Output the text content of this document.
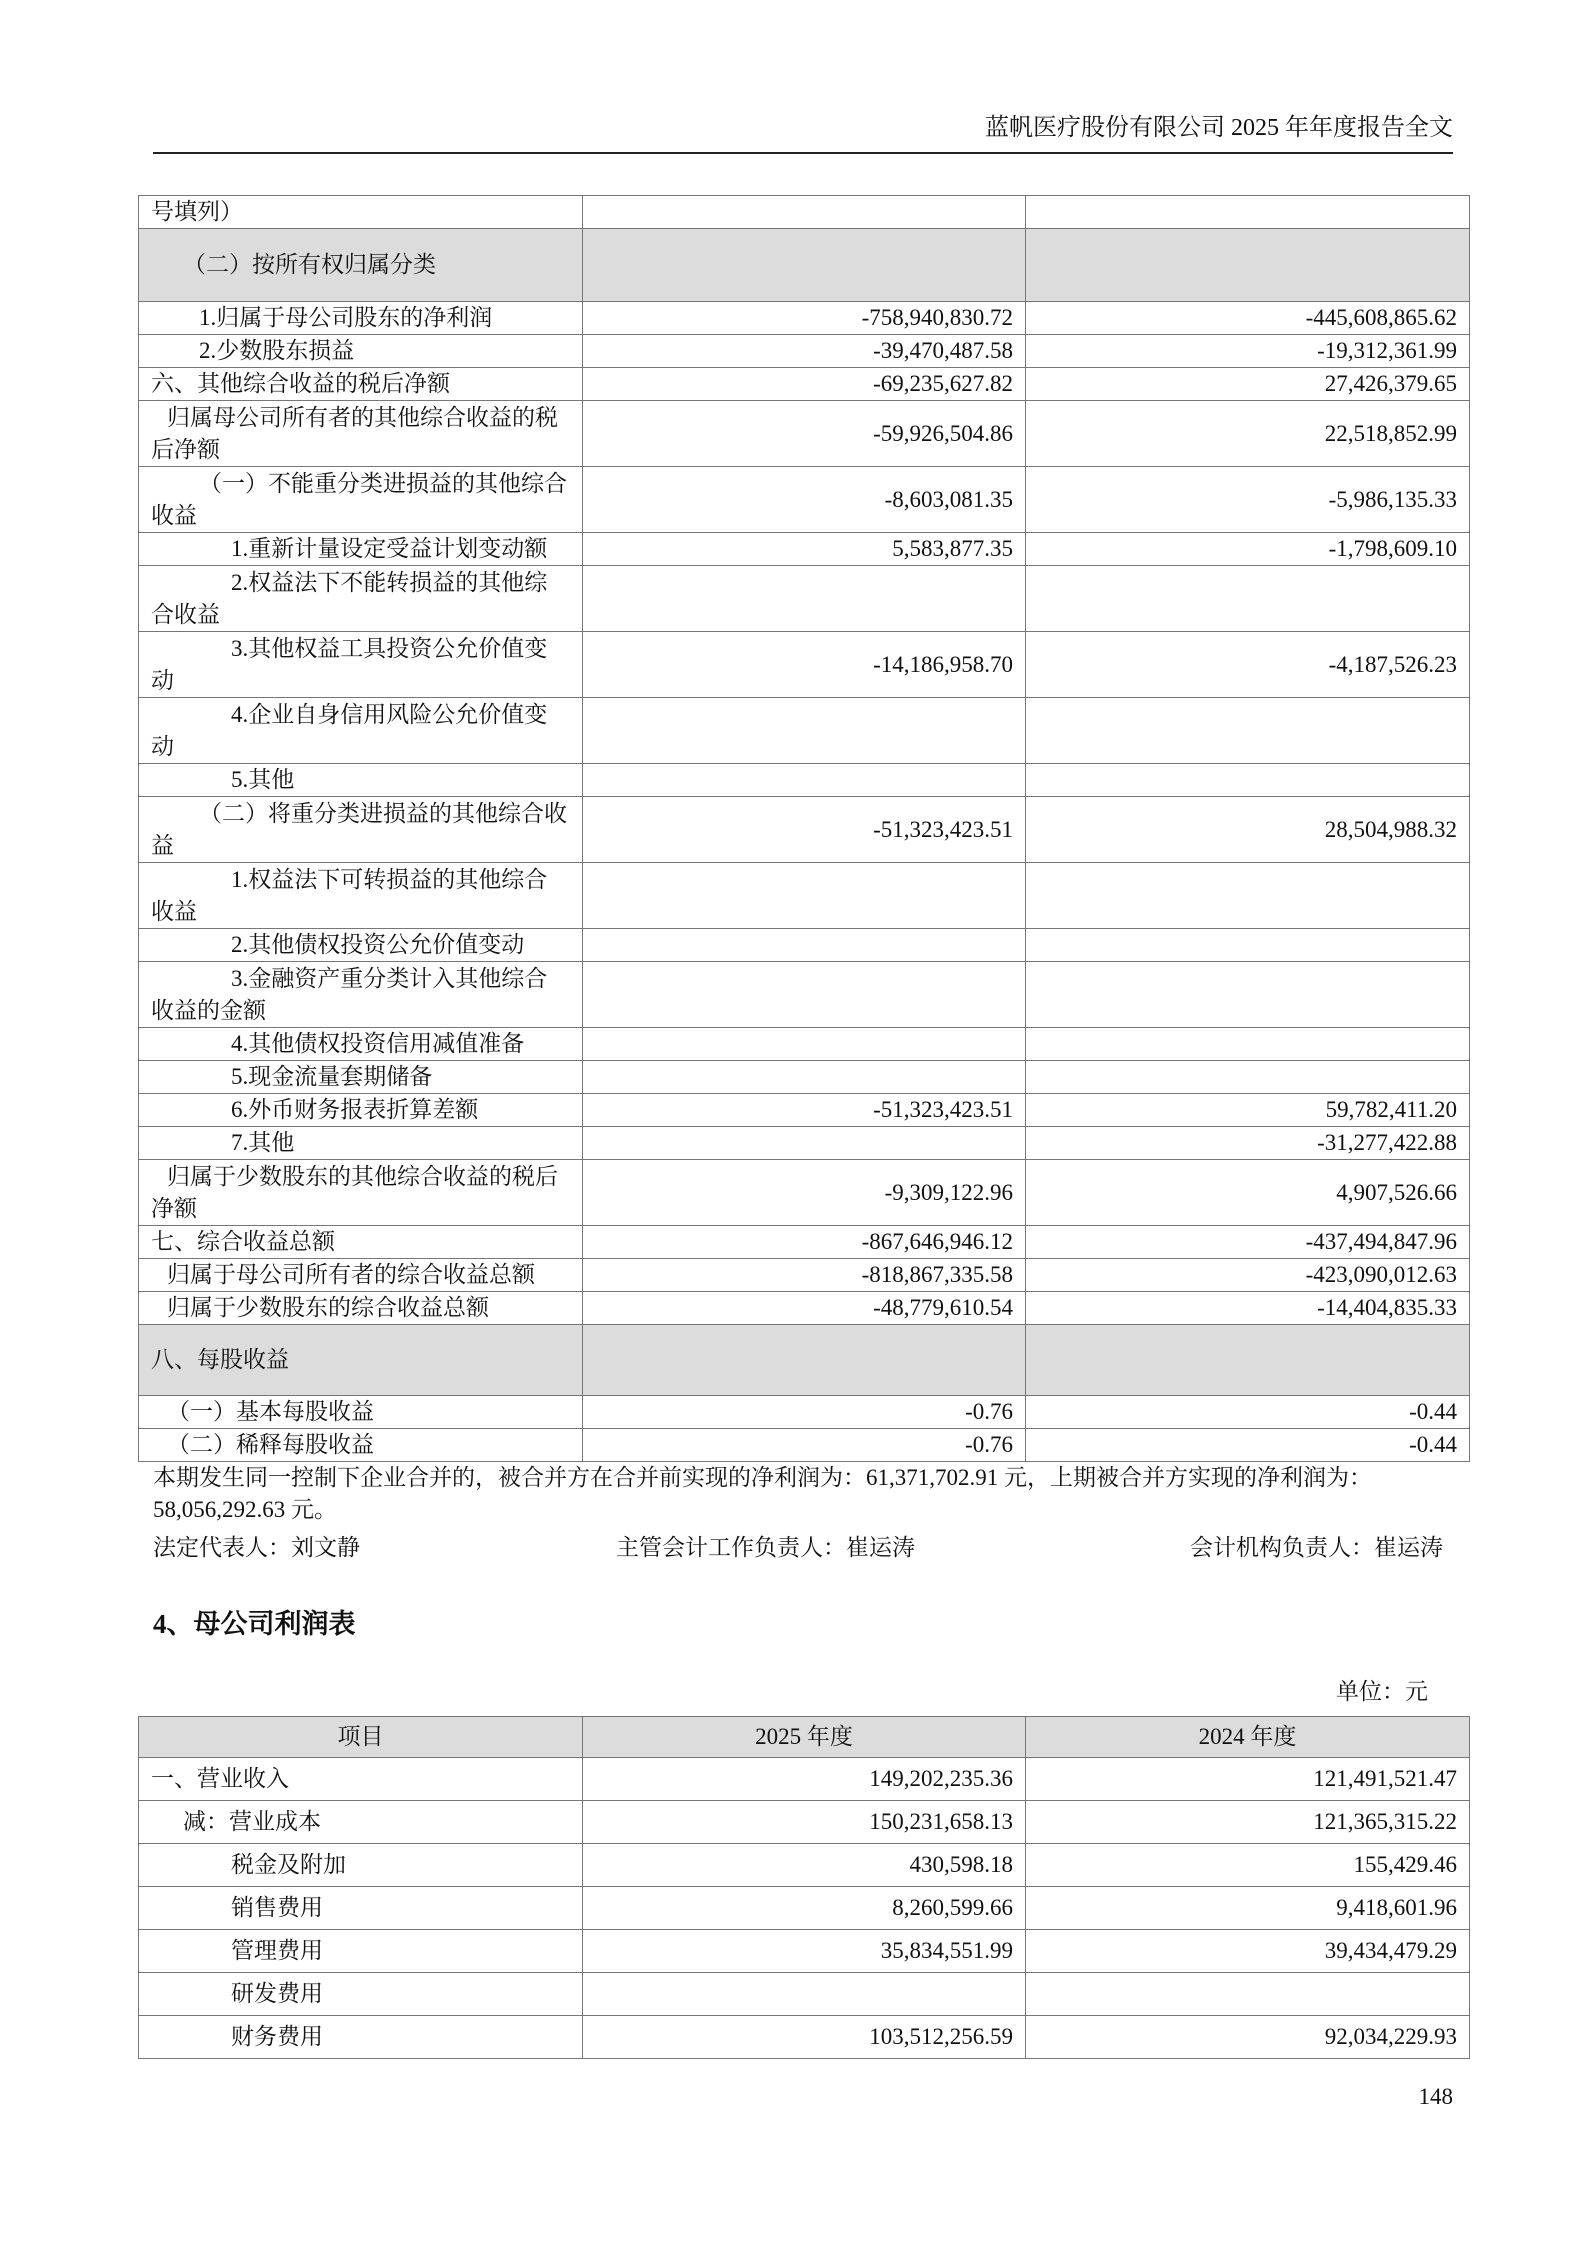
蓝帆医疗股份有限公司 2025 年年度报告全文
号填列）		
（二）按所有权归属分类		
1.归属于母公司股东的净利润	-758,940,830.72	-445,608,865.62
2.少数股东损益	-39,470,487.58	-19,312,361.99
六、其他综合收益的税后净额	-69,235,627.82	27,426,379.65
归属母公司所有者的其他综合收益的税后净额	-59,926,504.86	22,518,852.99
（一）不能重分类进损益的其他综合收益	-8,603,081.35	-5,986,135.33
1.重新计量设定受益计划变动额	5,583,877.35	-1,798,609.10
2.权益法下不能转损益的其他综合收益		
3.其他权益工具投资公允价值变动	-14,186,958.70	-4,187,526.23
4.企业自身信用风险公允价值变动		
5.其他		
（二）将重分类进损益的其他综合收益	-51,323,423.51	28,504,988.32
1.权益法下可转损益的其他综合收益		
2.其他债权投资公允价值变动		
3.金融资产重分类计入其他综合收益的金额		
4.其他债权投资信用减值准备		
5.现金流量套期储备		
6.外币财务报表折算差额	-51,323,423.51	59,782,411.20
7.其他		-31,277,422.88
归属于少数股东的其他综合收益的税后净额	-9,309,122.96	4,907,526.66
七、综合收益总额	-867,646,946.12	-437,494,847.96
归属于母公司所有者的综合收益总额	-818,867,335.58	-423,090,012.63
归属于少数股东的综合收益总额	-48,779,610.54	-14,404,835.33
八、每股收益		
（一）基本每股收益	-0.76	-0.44
（二）稀释每股收益	-0.76	-0.44
本期发生同一控制下企业合并的，被合并方在合并前实现的净利润为：61,371,702.91 元，上期被合并方实现的净利润为：58,056,292.63 元。
法定代表人：刘文静	主管会计工作负责人：崔运涛	会计机构负责人：崔运涛
4、母公司利润表
单位：元
项目	2025 年度	2024 年度
一、营业收入	149,202,235.36	121,491,521.47
减：营业成本	150,231,658.13	121,365,315.22
税金及附加	430,598.18	155,429.46
销售费用	8,260,599.66	9,418,601.96
管理费用	35,834,551.99	39,434,479.29
研发费用		
财务费用	103,512,256.59	92,034,229.93
148
